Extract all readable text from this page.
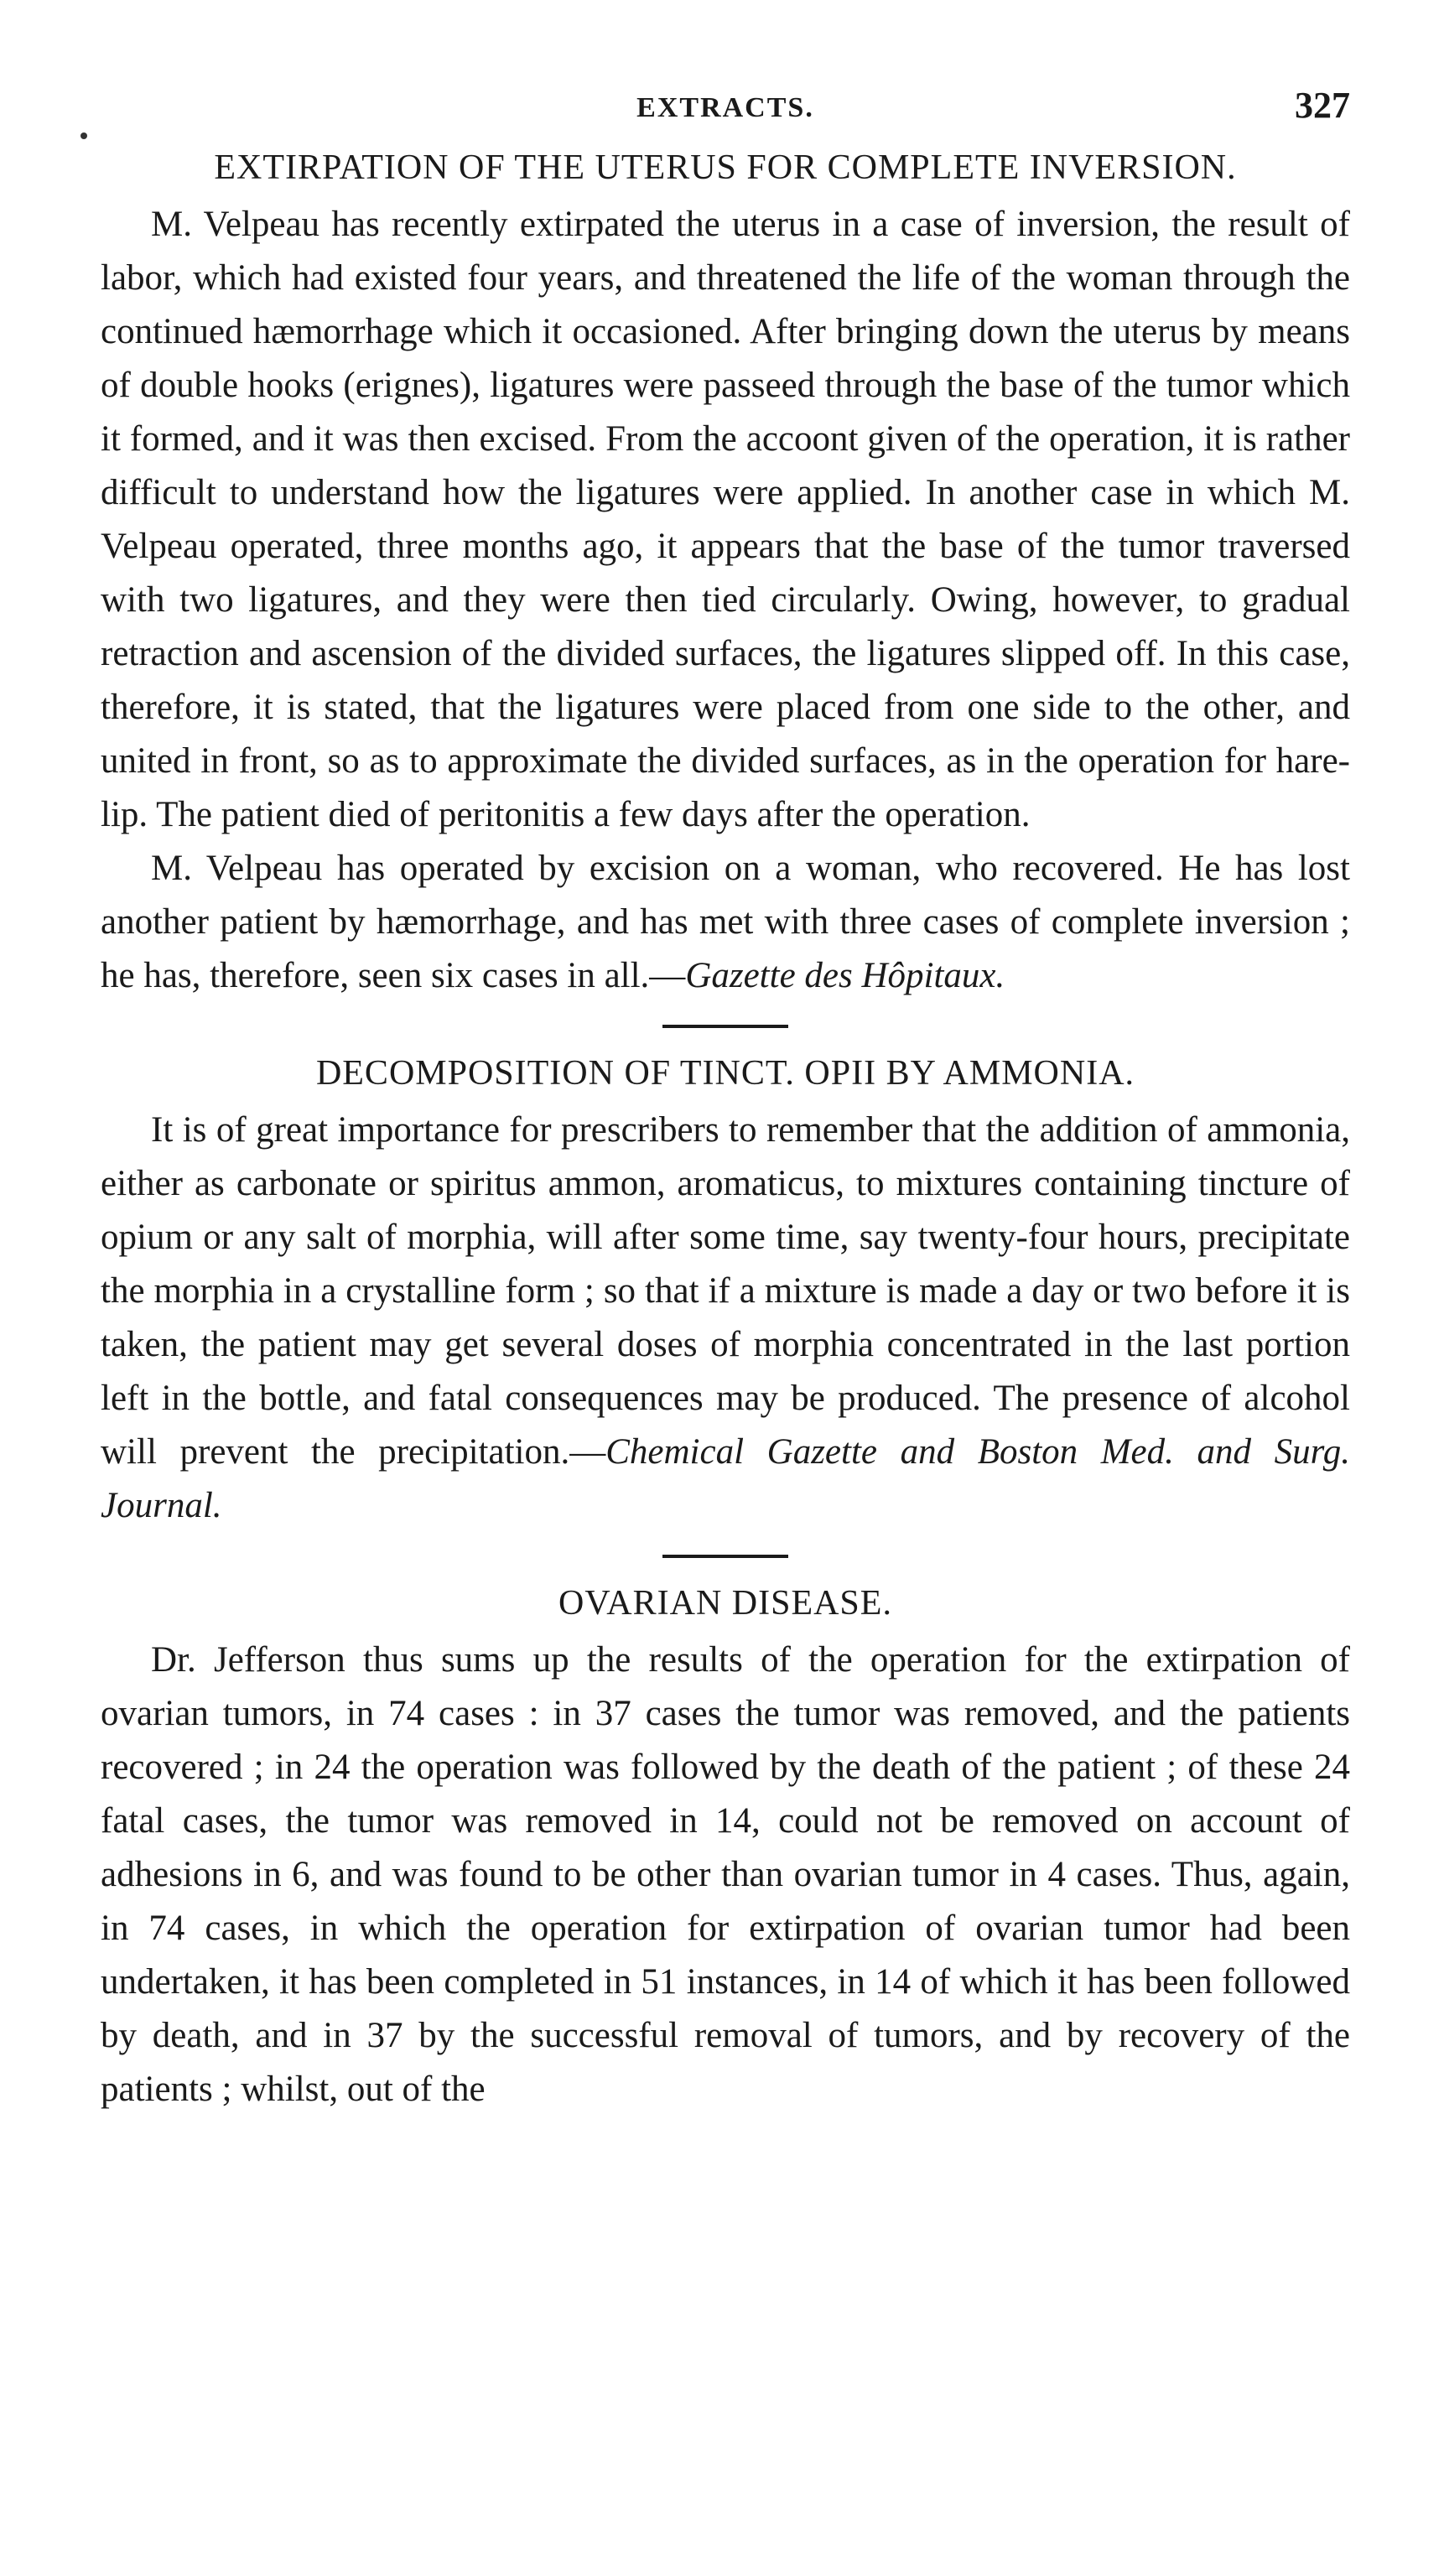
EXTRACTS.	327
EXTIRPATION OF THE UTERUS FOR COMPLETE INVERSION.

M. Velpeau has recently extirpated the uterus in a case of inversion, the result of labor, which had existed four years, and threatened the life of the woman through the continued hæmorrhage which it occasioned. After bringing down the uterus by means of double hooks (erignes), ligatures were passeed through the base of the tumor which it formed, and it was then excised. From the accoont given of the operation, it is rather difficult to understand how the ligatures were applied. In another case in which M. Velpeau operated, three months ago, it appears that the base of the tumor traversed with two ligatures, and they were then tied circularly. Owing, however, to gradual retraction and ascension of the divided surfaces, the ligatures slipped off. In this case, therefore, it is stated, that the ligatures were placed from one side to the other, and united in front, so as to approximate the divided surfaces, as in the operation for hare-lip. The patient died of peritonitis a few days after the operation.

M. Velpeau has operated by excision on a woman, who recovered. He has lost another patient by hæmorrhage, and has met with three cases of complete inversion ; he has, therefore, seen six cases in all.—Gazette des Hôpitaux.

DECOMPOSITION OF TINCT. OPII BY AMMONIA.

It is of great importance for prescribers to remember that the addition of ammonia, either as carbonate or spiritus ammon, aromaticus, to mixtures containing tincture of opium or any salt of morphia, will after some time, say twenty-four hours, precipitate the morphia in a crystalline form ; so that if a mixture is made a day or two before it is taken, the patient may get several doses of morphia concentrated in the last portion left in the bottle, and fatal consequences may be produced. The presence of alcohol will prevent the precipitation.—Chemical Gazette and Boston Med. and Surg. Journal.

OVARIAN DISEASE.

Dr. Jefferson thus sums up the results of the operation for the extirpation of ovarian tumors, in 74 cases : in 37 cases the tumor was removed, and the patients recovered ; in 24 the operation was followed by the death of the patient ; of these 24 fatal cases, the tumor was removed in 14, could not be removed on account of adhesions in 6, and was found to be other than ovarian tumor in 4 cases. Thus, again, in 74 cases, in which the operation for extirpation of ovarian tumor had been undertaken, it has been completed in 51 instances, in 14 of which it has been followed by death, and in 37 by the successful removal of tumors, and by recovery of the patients ; whilst, out of the
